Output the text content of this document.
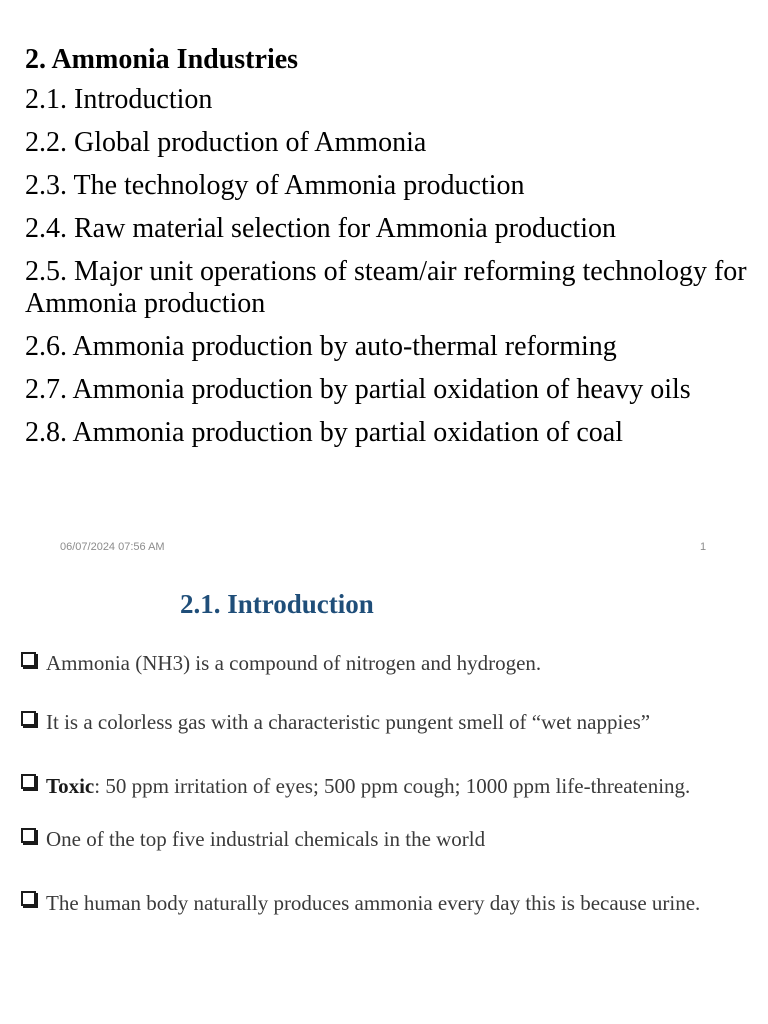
2. Ammonia Industries

2.1. Introduction

2.2. Global production of Ammonia

2.3. The technology of Ammonia production

2.4. Raw material selection for Ammonia production

2.5. Major unit operations of steam/air reforming technology for Ammonia production

2.6. Ammonia production by auto-thermal reforming

2.7. Ammonia production by partial oxidation of heavy oils

2.8. Ammonia production by partial oxidation of coal

06/07/2024 07:56 AM	1
2.1. Introduction
Ammonia (NH3) is a compound of nitrogen and hydrogen.
It is a colorless gas with a characteristic pungent smell of “wet nappies”
Toxic: 50 ppm irritation of eyes; 500 ppm cough; 1000 ppm life-threatening.
One of the top five industrial chemicals in the world
The human body naturally produces ammonia every day this is because urine.
